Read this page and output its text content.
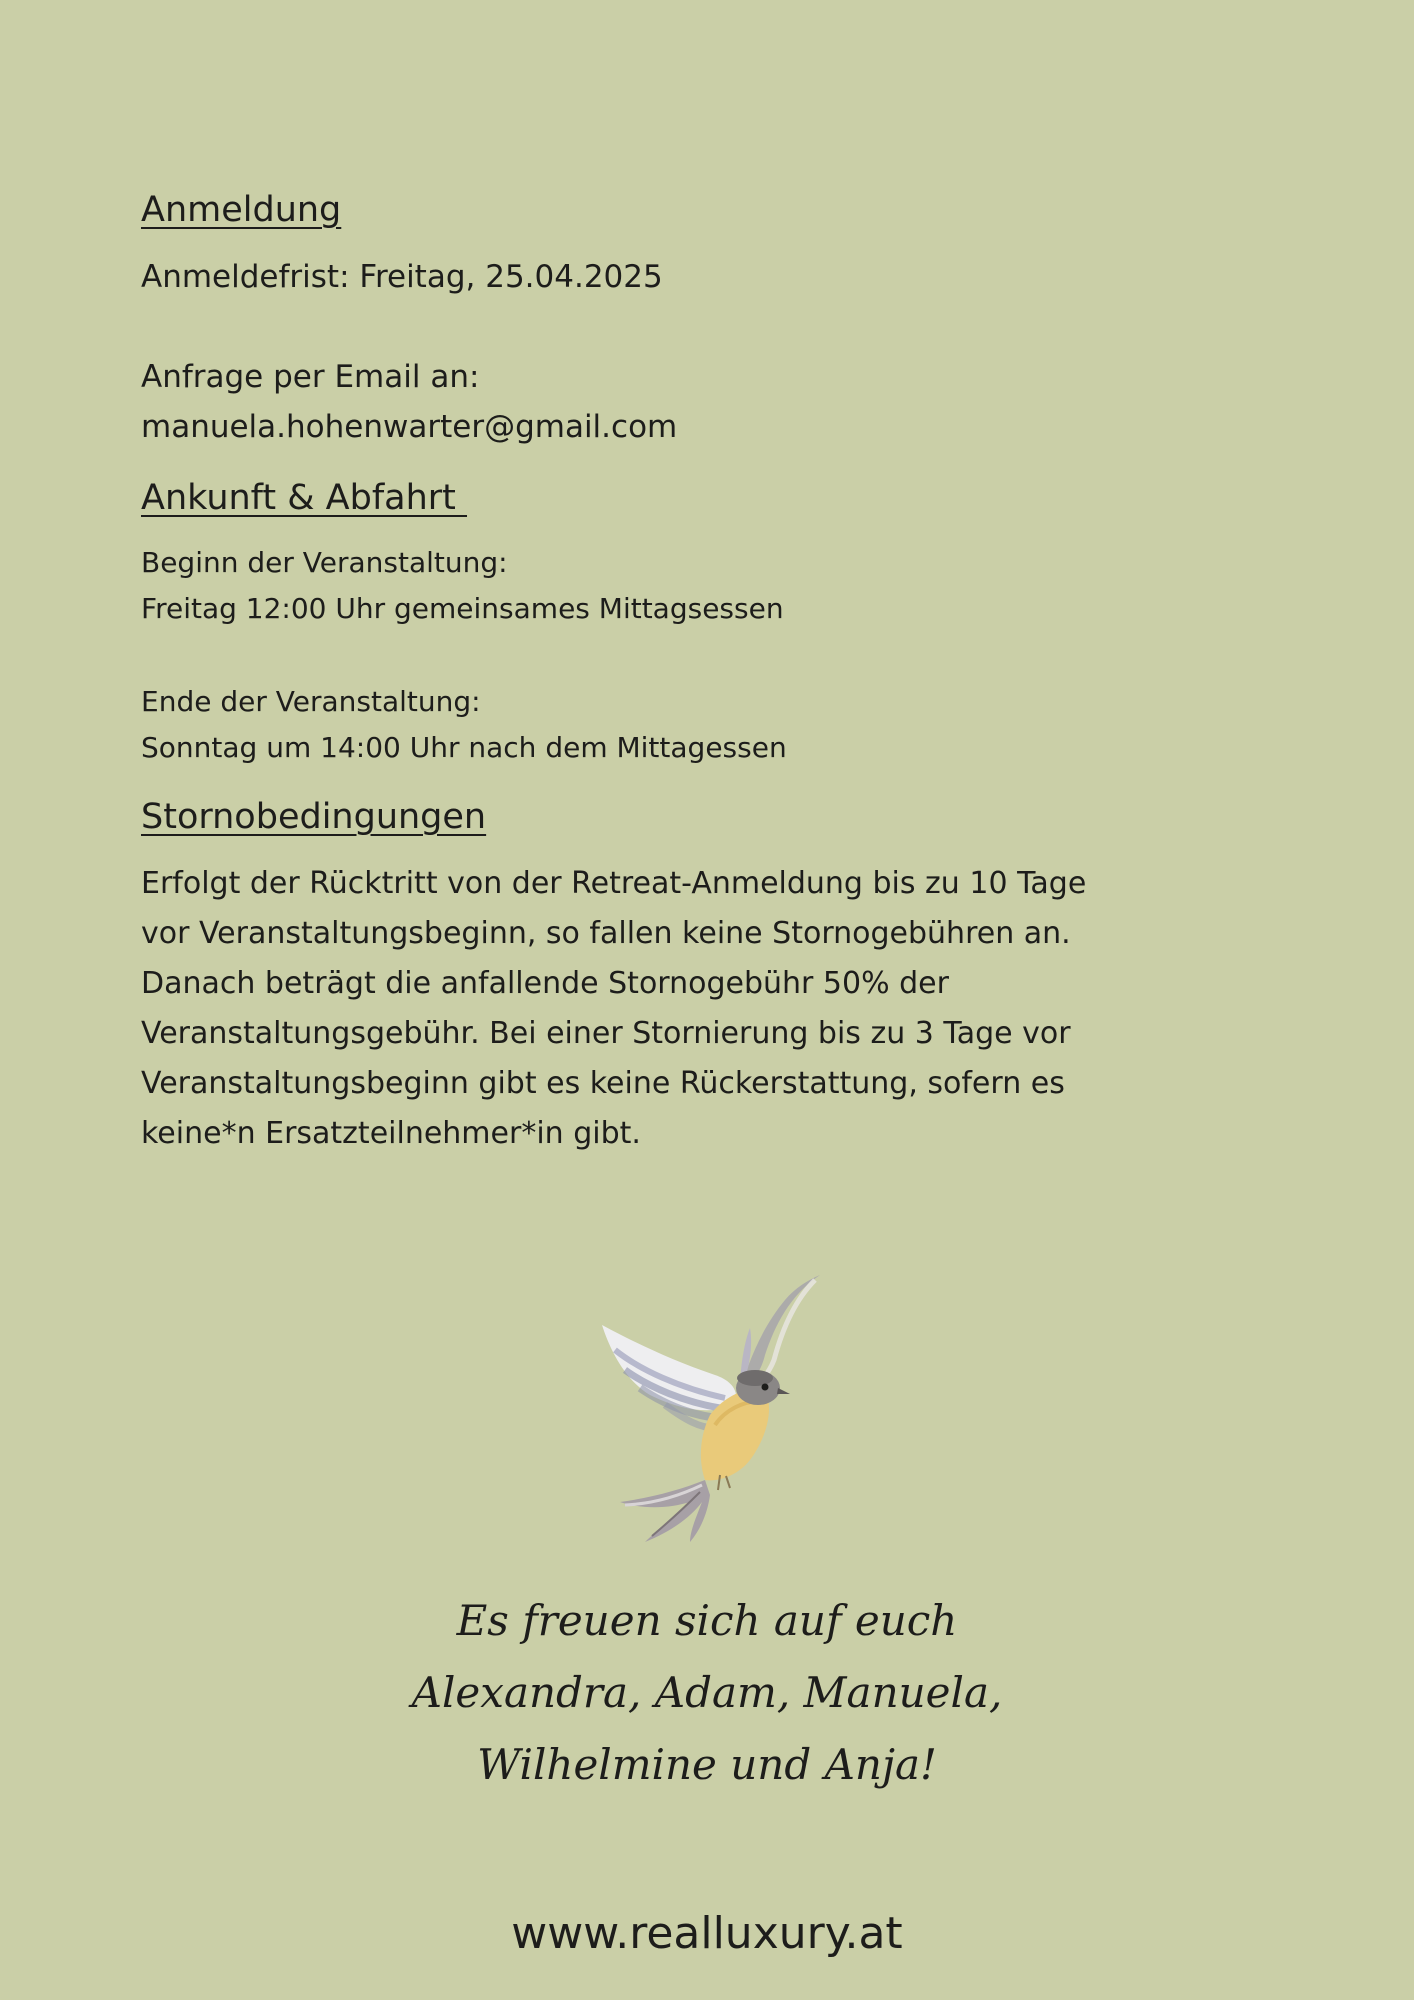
Anmeldung

Anmeldefrist: Freitag, 25.04.2025

Anfrage per Email an:

manuela.hohenwarter@gmail.com

Ankunft & Abfahrt

Beginn der Veranstaltung:

Freitag 12:00 Uhr gemeinsames Mittagsessen

Ende der Veranstaltung:

Sonntag um 14:00 Uhr nach dem Mittagessen

Stornobedingungen

Erfolgt der Rücktritt von der Retreat-Anmeldung bis zu 10 Tage

vor Veranstaltungsbeginn, so fallen keine Stornogebühren an.

Danach beträgt die anfallende Stornogebühr 50% der

Veranstaltungsgebühr. Bei einer Stornierung bis zu 3 Tage vor

Veranstaltungsbeginn gibt es keine Rückerstattung, sofern es

keine*n Ersatzteilnehmer*in gibt.

Es freuen sich auf euch
Alexandra, Adam, Manuela,
Wilhelmine und Anja!
www.realluxury.at
